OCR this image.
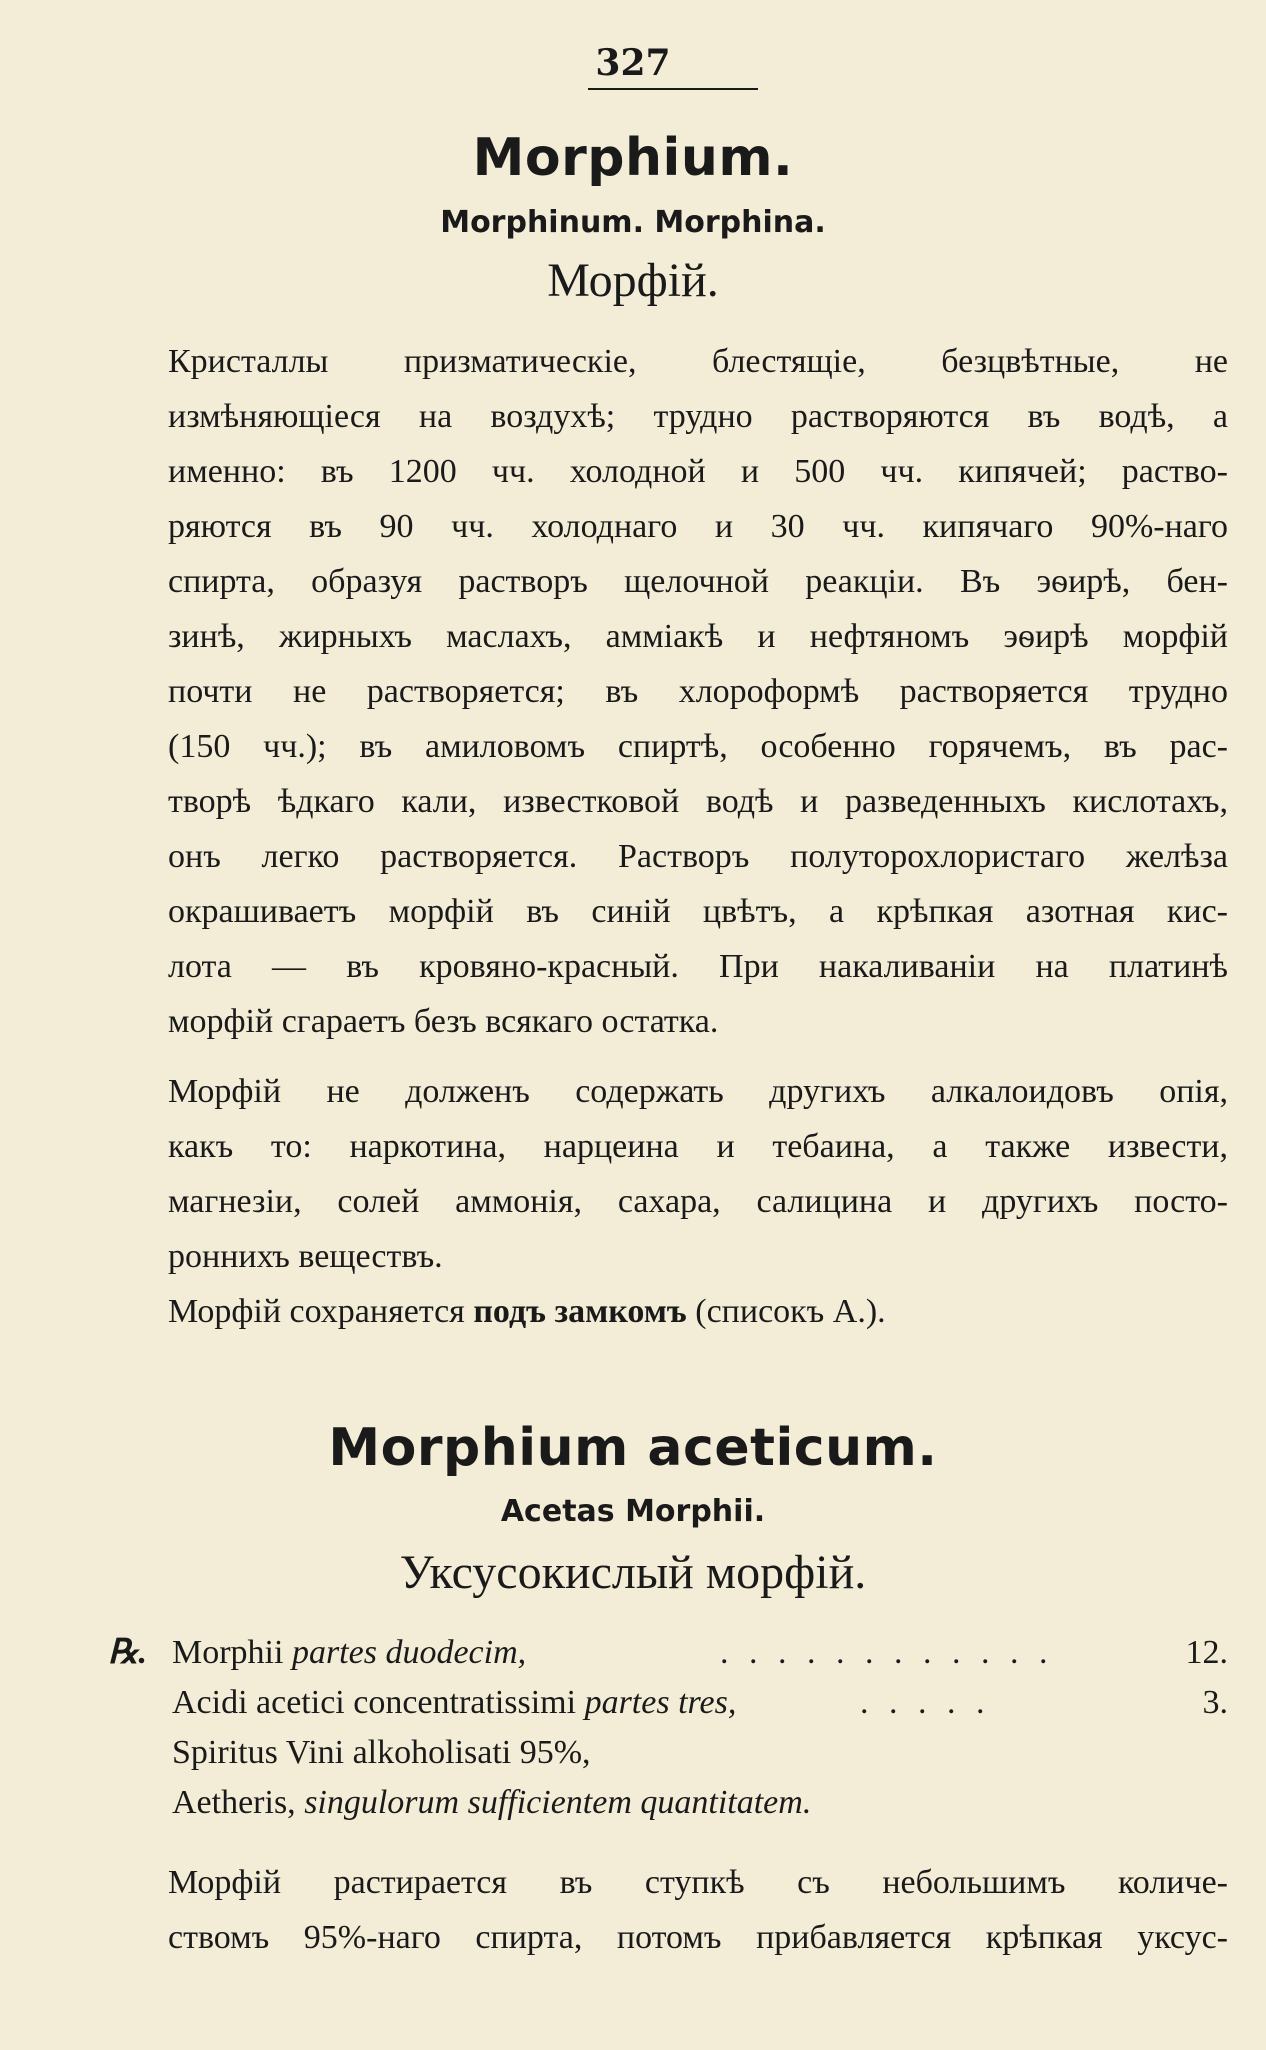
327
Morphium.
Morphinum. Morphina.
Морфій.
Кристаллы призматическіе, блестящіе, безцвѣтные, не
измѣняющіеся на воздухѣ; трудно растворяются въ водѣ, а
именно: въ 1200 чч. холодной и 500 чч. кипячей; раство-
ряются въ 90 чч. холоднаго и 30 чч. кипячаго 90%-наго
спирта, образуя растворъ щелочной реакціи. Въ эѳирѣ, бен-
зинѣ, жирныхъ маслахъ, амміакѣ и нефтяномъ эѳирѣ морфій
почти не растворяется; въ хлороформѣ растворяется трудно
(150 чч.); въ амиловомъ спиртѣ, особенно горячемъ, въ рас-
творѣ ѣдкаго кали, известковой водѣ и разведенныхъ кислотахъ,
онъ легко растворяется. Растворъ полуторохлористаго желѣза
окрашиваетъ морфій въ синій цвѣтъ, а крѣпкая азотная кис-
лота — въ кровяно-красный. При накаливаніи на платинѣ
морфій сгараетъ безъ всякаго остатка.
Морфій не долженъ содержать другихъ алкалоидовъ опія,
какъ то: наркотина, нарцеина и тебаина, а также извести,
магнезіи, солей аммонія, сахара, салицина и другихъ посто-
роннихъ веществъ.
Морфій сохраняется подъ замкомъ (списокъ А.).
Morphium aceticum.
Acetas Morphii.
Уксусокислый морфій.
℞. Morphii partes duodecim,	. . . . . . . . . . . .	12.
Acidi acetici concentratissimi partes tres,	. . . . .	3.
Spiritus Vini alkoholisati 95%,
Aetheris, singulorum sufficientem quantitatem.
Морфій растирается въ ступкѣ съ небольшимъ количе-
ствомъ 95%-наго спирта, потомъ прибавляется крѣпкая уксус-
